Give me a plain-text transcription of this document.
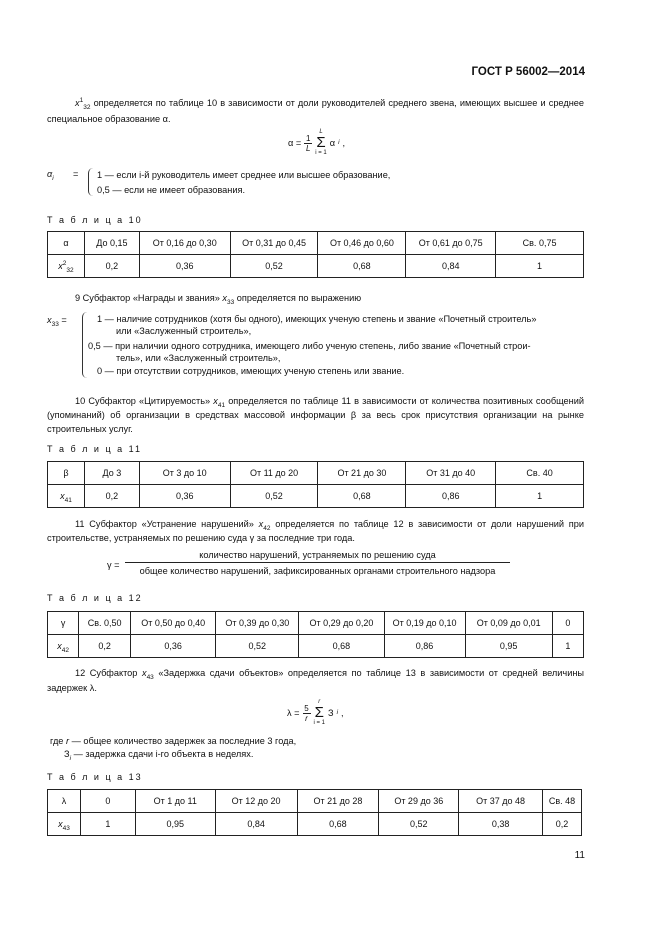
ГОСТ Р 56002—2014
$x^1_{32}$ определяется по таблице 10 в зависимости от доли руководителей среднего звена, имеющих высшее и среднее специальное образование α.
α = 1
L
L
Σ
i = 1
α i ,
$\alpha_i = 1$ — если i-й руководитель имеет среднее или высшее образование,
0,5 — если не имеет образования.
Т а б л и ц а 10
α	До 0,15	От 0,16 до 0,30	От 0,31 до 0,45	От 0,46 до 0,60	От 0,61 до 0,75	Св. 0,75
$x^2_{32}$	0,2	0,36	0,52	0,68	0,84	1
9 Субфактор «Награды и звания» $x_{33}$ определяется по выражению
$x_{33}$ =	1 — наличие сотрудников (хотя бы одного), имеющих ученую степень и звание «Почетный строитель»
или «Заслуженный строитель»,
0,5 — при наличии одного сотрудника, имеющего либо ученую степень, либо звание «Почетный строи-
тель», или «Заслуженный строитель»,
0 — при отсутствии сотрудников, имеющих ученую степень или звание.
10 Субфактор «Цитируемость» $x_{41}$ определяется по таблице 11 в зависимости от количества позитивных сообщений (упоминаний) об организации в средствах массовой информации β за весь срок присутствия организации на рынке строительных услуг.
Т а б л и ц а 11
β	До 3	От 3 до 10	От 11 до 20	От 21 до 30	От 31 до 40	Св. 40
$x_{41}$	0,2	0,36	0,52	0,68	0,86	1
11 Субфактор «Устранение нарушений» $x_{42}$ определяется по таблице 12 в зависимости от доли нарушений при строительстве, устраняемых по решению суда γ за последние три года.
γ =
количество нарушений, устраняемых по решению суда
общее количество нарушений, зафиксированных органами строительного надзора
Т а б л и ц а 12
γ	Св. 0,50	От 0,50 до 0,40	От 0,39 до 0,30	От 0,29 до 0,20	От 0,19 до 0,10	От 0,09 до 0,01	0
$x_{42}$	0,2	0,36	0,52	0,68	0,86	0,95	1
12 Субфактор $x_{43}$ «Задержка сдачи объектов» определяется по таблице 13 в зависимости от средней величины задержек λ.
λ = 5
r
r
Σ
i = 1
З i ,
где r — общее количество задержек за последние 3 года,
$З_i$ — задержка сдачи i-го объекта в неделях.
Т а б л и ц а 13
λ	0	От 1 до 11	От 12 до 20	От 21 до 28	От 29 до 36	От 37 до 48	Св. 48
$x_{43}$	1	0,95	0,84	0,68	0,52	0,38	0,2
11
